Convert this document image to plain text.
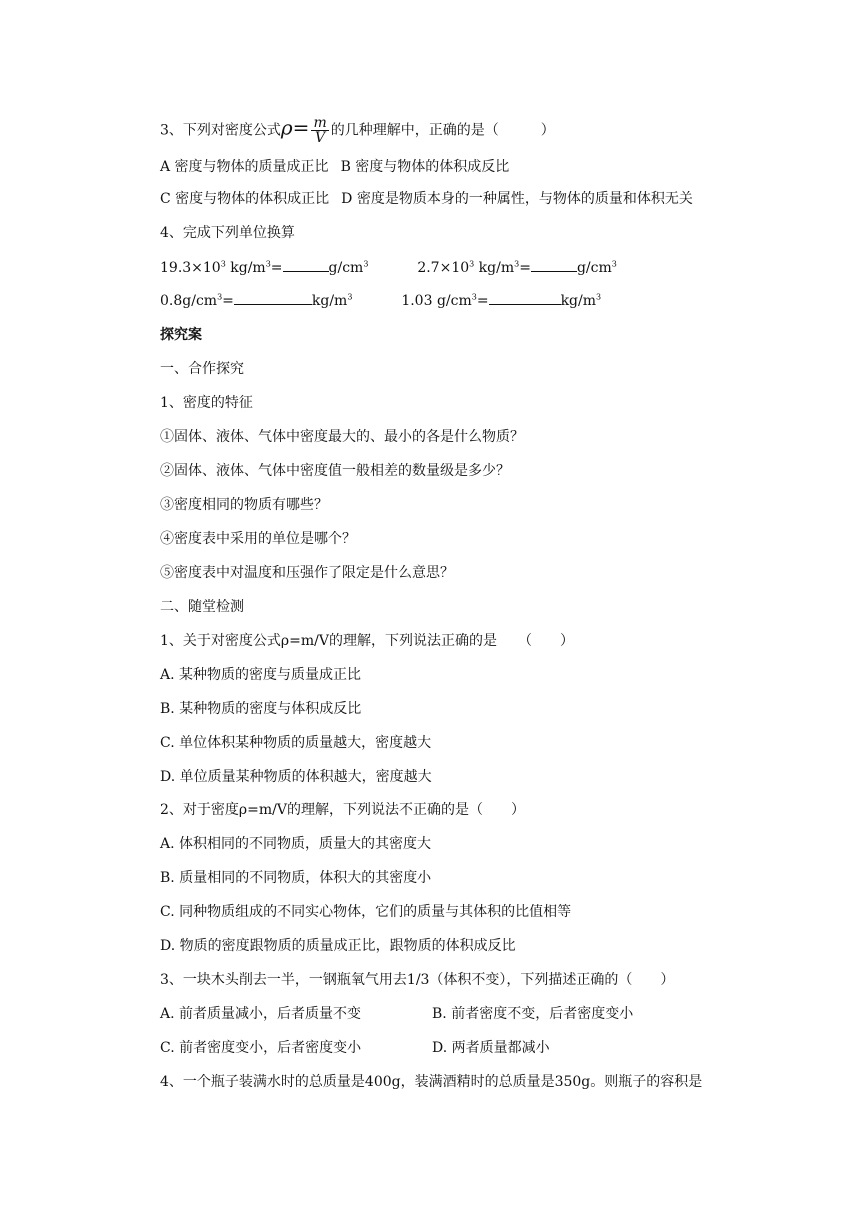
3、下列对密度公式$\rho= \frac{m}{V}$ 的几种理解中，正确的是（　　　）
A 密度与物体的质量成正比 B 密度与物体的体积成反比
C 密度与物体的体积成正比 D 密度是物质本身的一种属性，与物体的质量和体积无关
4、完成下列单位换算
$19.3\times 10^3$ $kg/m^3=$	$g/cm^3$	$2.7\times 10^3$ $kg/m^3=$	$g/cm^3$
$0.8g/cm^3=$	$kg/m^3$	1.03 $g/cm^3=$	$kg/m^3$
探究案
一、合作探究
1、密度的特征
①固体、液体、气体中密度最大的、最小的各是什么物质？
②固体、液体、气体中密度值一般相差的数量级是多少？
③密度相同的物质有哪些？
④密度表中采用的单位是哪个？
⑤密度表中对温度和压强作了限定是什么意思？
二、随堂检测
1、关于对密度公式ρ=m/V的理解，下列说法正确的是　　（　　）
A. 某种物质的密度与质量成正比
B. 某种物质的密度与体积成反比
C. 单位体积某种物质的质量越大，密度越大
D. 单位质量某种物质的体积越大，密度越大
2、对于密度ρ=m/V的理解，下列说法不正确的是（　　）
A. 体积相同的不同物质，质量大的其密度大
B. 质量相同的不同物质，体积大的其密度小
C. 同种物质组成的不同实心物体，它们的质量与其体积的比值相等
D. 物质的密度跟物质的质量成正比，跟物质的体积成反比
3、一块木头削去一半，一钢瓶氧气用去1/3（体积不变），下列描述正确的（　　）
A. 前者质量减小，后者质量不变	B. 前者密度不变，后者密度变小
C. 前者密度变小，后者密度变小	D. 两者质量都减小
4、一个瓶子装满水时的总质量是400g，装满酒精时的总质量是350g。则瓶子的容积是
